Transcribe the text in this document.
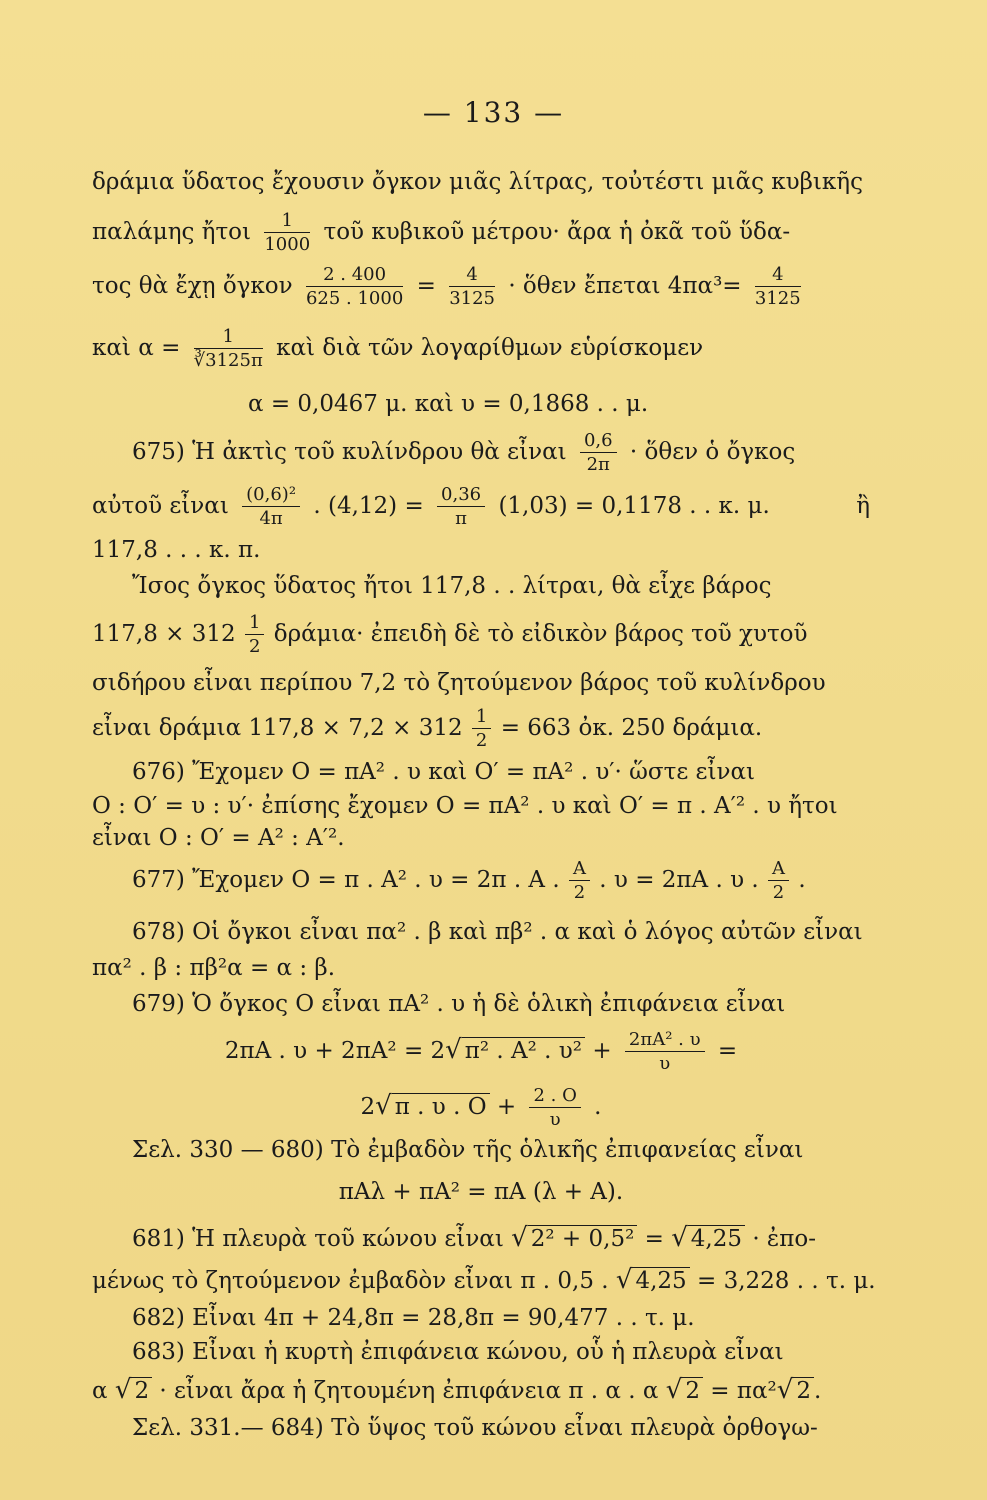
— 133 —
δράμια ὕδατος ἔχουσιν ὄγκον μιᾶς λίτρας, τοὐτέστι μιᾶς κυβικῆς
παλάμης ἤτοι $\frac{1}{1000}$ τοῦ κυβικοῦ μέτρου· ἄρα ἡ ὀκᾶ τοῦ ὕδα-
τος θὰ ἔχῃ ὄγκον $\frac{2 . 400}{625 . 1000} = \frac{4}{3125}$ · ὅθεν ἔπεται $4\pi\alpha^3= \frac{4}{3125}$
καὶ $\alpha = \frac{1}{∛3125\pi}$ καὶ διὰ τῶν λογαρίθμων εὑρίσκομεν
α = 0,0467 μ. καὶ υ = 0,1868 . . μ.
675) Ἡ ἀκτὶς τοῦ κυλίνδρου θὰ εἶναι $\frac{0,6}{2\pi}$ · ὅθεν ὁ ὄγκος
αὐτοῦ εἶναι $\frac{\text{(0,6)²}}{4\pi}$ . $(4,12) = \frac{0,36}{\pi} (1,03) = 0,1178$ . . κ. μ.	ἢ
117,8 . . . κ. π.
Ἴσος ὄγκος ὕδατος ἤτοι 117,8 . . λίτραι, θὰ εἶχε βάρος
$117,8 \times 312 \frac{1}{2} \delta\rho ά\mu\iota\alpha\cdot$ ἐπειδὴ δὲ τὸ εἰδικὸν βάρος τοῦ χυτοῦ
σιδήρου εἶναι περίπου 7,2 τὸ ζητούμενον βάρος τοῦ κυλίνδρου
εἶναι δράμια $117,8 \times 7,2 \times 312 \frac{1}{2} = 663$ ὀκ. 250 δράμια.
676) Ἔχομεν Ο = πΑ² . υ καὶ Ο′ = πΑ² . υ′· ὥστε εἶναι
Ο : Ο′ = υ : υ′· ἐπίσης ἔχομεν Ο = πΑ² . υ καὶ Ο′ = π . Α′² . υ ἤτοι
εἶναι Ο : Ο′ = Α² : Α′².
677) Ἔχομεν Ο = π . Α² . υ = 2π . Α . $\frac{A}{2}$ . υ = 2πΑ . υ . $\frac{A}{2}$ .
678) Οἱ ὄγκοι εἶναι πα² . β καὶ πβ² . α καὶ ὁ λόγος αὐτῶν εἶναι
πα² . β : πβ²α = α : β.
679) Ὁ ὄγκος Ο εἶναι πΑ² . υ ἡ δὲ ὁλικὴ ἐπιφάνεια εἶναι
2πΑ . υ + 2πΑ² = 2√ π² . Α² . $\upsilon^2 + \frac{\text{2πΑ² . υ}}{\upsilon}$ =
2√ π . υ . $O + \frac{2 . O}{\upsilon}$ .
Σελ. 330 — 680) Τὸ ἐμβαδὸν τῆς ὁλικῆς ἐπιφανείας εἶναι
πΑλ + πΑ² = πΑ (λ + Α).
681) Ἡ πλευρὰ τοῦ κώνου εἶναι √ 2² + 0,5² = √ 4,25 · ἐπο-
μένως τὸ ζητούμενον ἐμβαδὸν εἶναι π . 0,5 . √ 4,25 = 3,228 . . τ. μ.
682) Εἶναι 4π + 24,8π = 28,8π = 90,477 . . τ. μ.
683) Εἶναι ἡ κυρτὴ ἐπιφάνεια κώνου, οὗ ἡ πλευρὰ εἶναι
α √ 2 · εἶναι ἄρα ἡ ζητουμένη ἐπιφάνεια π . α . α √ 2 = πα²√ 2 .
Σελ. 331.— 684) Τὸ ὕψος τοῦ κώνου εἶναι πλευρὰ ὀρθογω-
